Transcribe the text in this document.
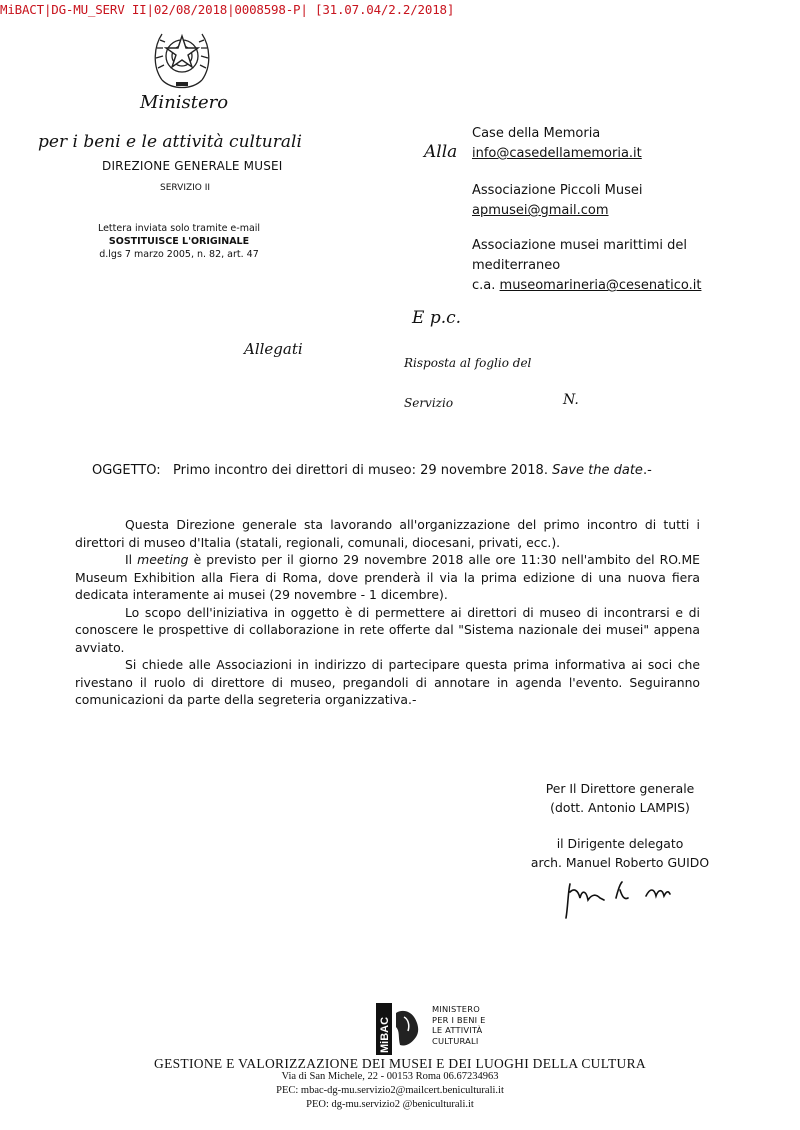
MiBACT|DG-MU_SERV II|02/08/2018|0008598-P| [31.07.04/2.2/2018]
Ministero
per i beni e le attività culturali
DIREZIONE GENERALE MUSEI
SERVIZIO II
Lettera inviata solo tramite e-mail
SOSTITUISCE L'ORIGINALE
d.lgs 7 marzo 2005, n. 82, art. 47
Alla
Case della Memoria
info@casedellamemoria.it
Associazione Piccoli Musei
apmusei@gmail.com
Associazione musei marittimi del mediterraneo
c.a. museomarineria@cesenatico.it
E p.c.
Allegati
Risposta al foglio del
Servizio	N.
OGGETTO: Primo incontro dei direttori di museo: 29 novembre 2018. Save the date.-

Questa Direzione generale sta lavorando all'organizzazione del primo incontro di tutti i direttori di museo d'Italia (statali, regionali, comunali, diocesani, privati, ecc.).

Il meeting è previsto per il giorno 29 novembre 2018 alle ore 11:30 nell'ambito del RO.ME Museum Exhibition alla Fiera di Roma, dove prenderà il via la prima edizione di una nuova fiera dedicata interamente ai musei (29 novembre - 1 dicembre).

Lo scopo dell'iniziativa in oggetto è di permettere ai direttori di museo di incontrarsi e di conoscere le prospettive di collaborazione in rete offerte dal "Sistema nazionale dei musei" appena avviato.

Si chiede alle Associazioni in indirizzo di partecipare questa prima informativa ai soci che rivestano il ruolo di direttore di museo, pregandoli di annotare in agenda l'evento. Seguiranno comunicazioni da parte della segreteria organizzativa.-

Per Il Direttore generale
(dott. Antonio LAMPIS)
il Dirigente delegato
arch. Manuel Roberto GUIDO
MiBAC
MINISTERO
PER I BENI E
LE ATTIVITÀ
CULTURALI
GESTIONE E VALORIZZAZIONE DEI MUSEI E DEI LUOGHI DELLA CULTURA
Via di San Michele, 22 - 00153 Roma 06.67234963
PEC: mbac-dg-mu.servizio2@mailcert.beniculturali.it
PEO: dg-mu.servizio2 @beniculturali.it
